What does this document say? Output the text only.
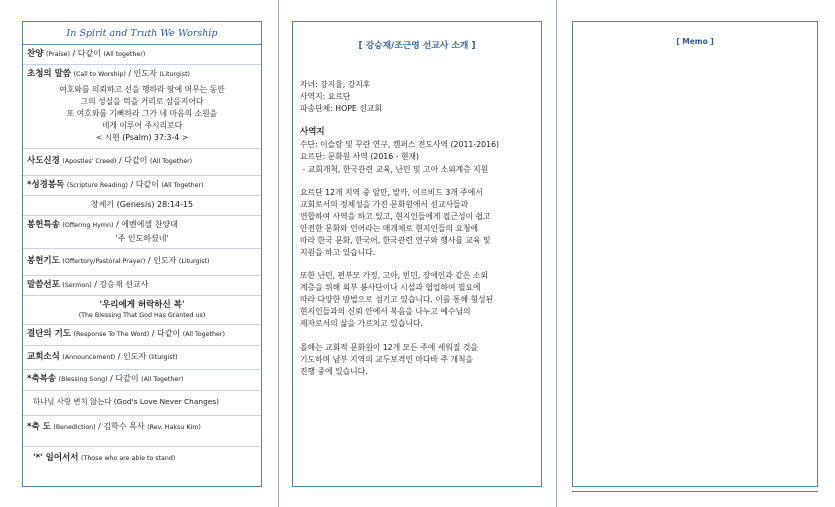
In Spirit and Truth We Worship
찬양 (Praise) / 다같이 (All together)
초청의 말씀 (Call to Worship) / 인도자 (Liturgist)
여호와를 의뢰하고 선을 행하라 땅에 머무는 동안
그의 성실을 먹을 거리로 삼을지어다
또 여호와를 기뻐하라 그가 네 마음의 소원을
네게 이루어 주시리로다
< 시편 (Psalm) 37:3-4 >
사도신경 (Apostles' Creed) / 다같이 (All Together)
*성경봉독 (Scripture Reading) / 다같이 (All Together)
창세기 (Genesis) 28:14-15
봉헌특송 (Offering Hymn) / 에벤에셀 찬양대
'주 인도하셨네'
봉헌기도 (Offertory/Pastoral Prayer) / 인도자 (Liturgist)
말씀선포 (Sermon) / 강승재 선교사
'우리에게 허락하신 복'
(The Blessing That God Has Granted us)
결단의 기도 (Response To The Word) / 다같이 (All Together)
교회소식 (Announcement) / 인도자 (liturgist)
*축복송 (Blessing Song) / 다같이 (All Together)
하나님 사랑 변치 않는다 (God's Love Never Changes)
*축 도 (Benediction) / 김학수 목사 (Rev. Haksu Kim)
'*' 일어서서 (Those who are able to stand)
[ 강승재/조근영 선교사 소개 ]
자녀: 강지율, 강지후
사역지: 요르단
파송단체: HOPE 선교회
사역지
수단: 이슬람 및 꾸란 연구, 캠퍼스 전도사역 (2011-2016)
요르단: 문화원 사역 (2016 - 현재)
- 교회개척, 한국관련 교육, 난민 및 고아 소외계층 지원
요르단 12개 지역 중 암만, 발카, 이르비드 3개 주에서
교회로서의 정체성을 가진 문화원에서 선교사들과
연합하여 사역을 하고 있고, 현지인들에게 접근성이 쉽고
안전한 문화와 언어라는 매개체로 현지인들의 요청에
따라 한국 문화, 한국어, 한국관련 연구와 행사를 교육 및
지원을 하고 있습니다.
또한 난민, 편부모 가정, 고아, 빈민, 장애인과 같은 소외
계층을 위해 외부 봉사단이나 시설과 협업하여 필요에
따라 다양한 방법으로 섬기고 있습니다. 이를 통해 형성된
현지인들과의 신뢰 안에서 복음을 나누고 예수님의
제자로서의 삶을 가르치고 있습니다.
올해는 교회적 문화원이 12개 모든 주에 세워질 것을
기도하며 남부 지역의 교두보격인 마다바 주 개척을
진행 중에 있습니다.
[ Memo ]
